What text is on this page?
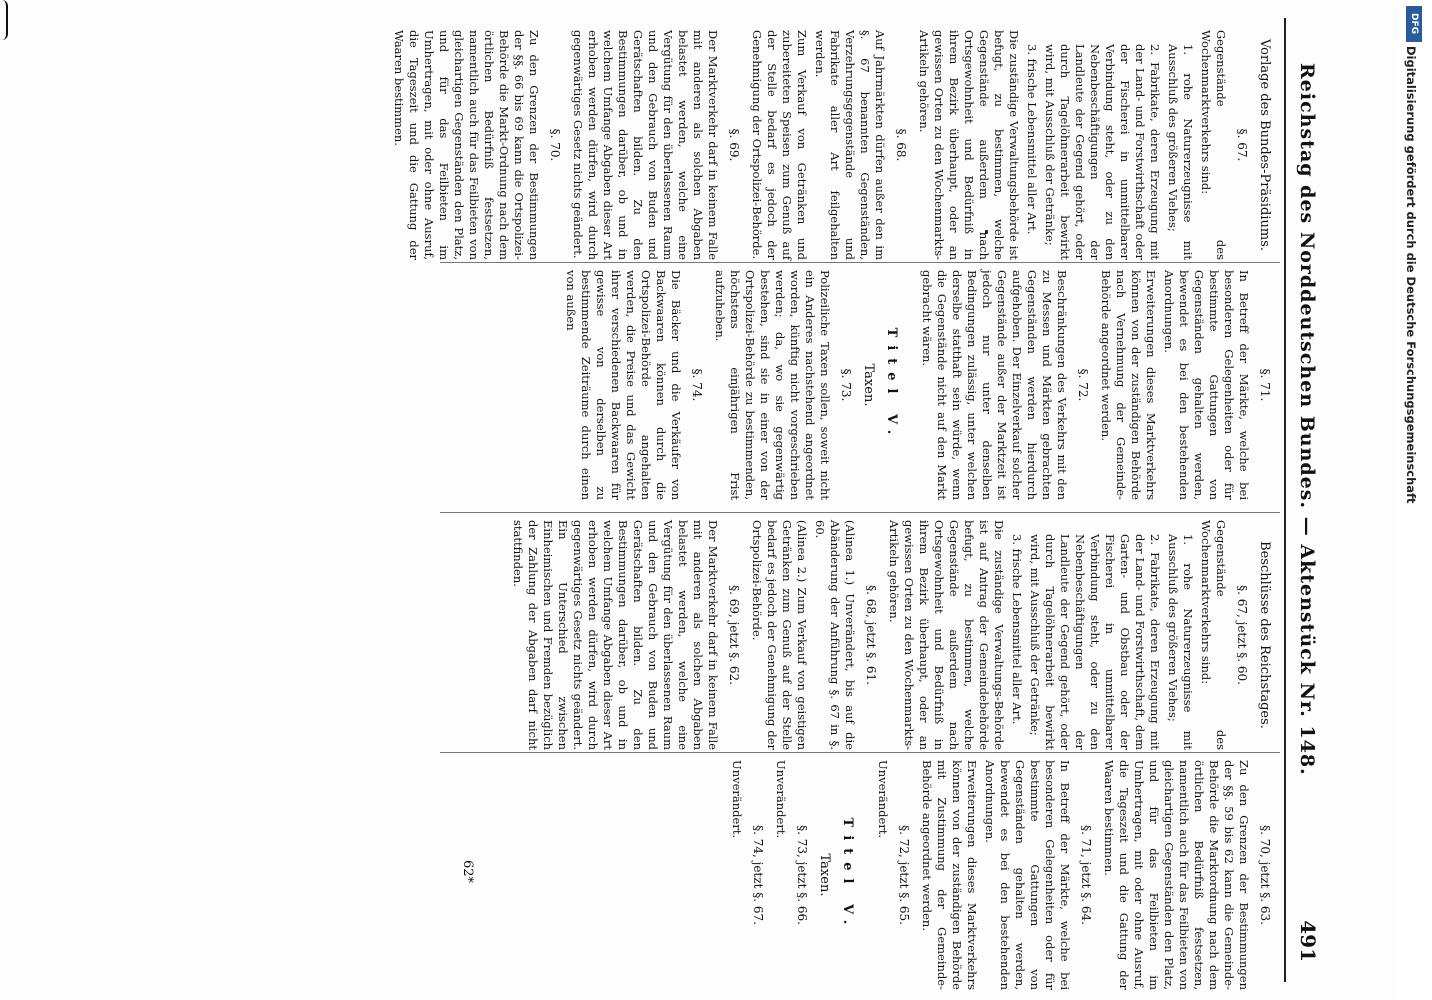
Reichstag des Norddeutschen Bundes. — Aktenstück Nr. 148.
491

Vorlage des Bundes-Präsidiums.

§. 67.

Gegenstände des Wochenmarktverkehrs sind:

1. rohe Naturerzeugnisse mit Ausschluß des größeren Viehes;

2. Fabrikate, deren Erzeugung mit der Land- und Forstwirthschaft oder der Fischerei in unmittelbarer Verbindung steht, oder zu den Nebenbeschäftigungen der Landleute der Gegend gehört, oder durch Tagelöhnerarbeit bewirkt wird, mit Ausschluß der Getränke;

3. frische Lebensmittel aller Art.

Die zuständige Verwaltungsbehörde ist befugt, zu bestimmen, welche Gegenstände außerdem nach Ortsgewohnheit und Bedürfniß in ihrem Bezirk überhaupt, oder an gewissen Orten zu den Wochenmarkts-Artikeln gehören.

§. 68.

Auf Jahrmärkten dürfen außer den im §. 67 benannten Gegenständen, Verzehrungsgegenstände und Fabrikate aller Art feilgehalten werden.

Zum Verkauf von Getränken und zubereiteten Speisen zum Genuß auf der Stelle bedarf es jedoch der Genehmigung der Ortspolizei-Behörde.

§. 69.

Der Marktverkehr darf in keinem Falle mit anderen als solchen Abgaben belastet werden, welche eine Vergütung für den überlassenen Raum und den Gebrauch von Buden und Gerätschaften bilden. Zu den Bestimmungen darüber, ob und in welchem Umfange Abgaben dieser Art erhoben werden dürfen, wird durch gegenwärtiges Gesetz nichts geändert.

§. 70.

Zu den Grenzen der Bestimmungen der §§. 66 bis 69 kann die Ortspolizei-Behörde die Markt-Ordnung nach dem örtlichen Bedürfniß festsetzen, namentlich auch für das Feilbieten von gleichartigen Gegenständen den Platz, und für das Feilbieten im Umhertragen, mit oder ohne Ausruf, die Tageszeit und die Gattung der Waaren bestimmen.

§. 71.

In Betreff der Märkte, welche bei besonderen Gelegenheiten oder für bestimmte Gattungen von Gegenständen gehalten werden, bewendet es bei den bestehenden Anordnungen.

Erweiterungen dieses Marktverkehrs können von der zuständigen Behörde nach Vernehmung der Gemeinde-Behörde angeordnet werden.

§. 72.

Beschränkungen des Verkehrs mit den zu Messen und Märkten gebrachten Gegenständen werden hierdurch aufgehoben. Der Einzelverkauf solcher Gegenstände außer der Marktzeit ist jedoch nur unter denselben Bedingungen zulässig, unter welchen derselbe statthaft sein würde, wenn die Gegenstände nicht auf den Markt gebracht wären.

Titel V.

Taxen.

§. 73.

Polizeiliche Taxen sollen, soweit nicht ein Anderes nachstehend angeordnet worden, künftig nicht vorgeschrieben werden; da, wo sie gegenwärtig bestehen, sind sie in einer von der Ortspolizei-Behörde zu bestimmenden, höchstens einjährigen Frist aufzuheben.

§. 74.

Die Bäcker und die Verkäufer von Backwaaren können durch die Ortspolizei-Behörde angehalten werden, die Preise und das Gewicht ihrer verschiedenen Backwaaren für gewisse von derselben zu bestimmende Zeiträume durch einen von außen

Beschlüsse des Reichstages.

§. 67, jetzt §. 60.

Gegenstände des Wochenmarktverkehrs sind:

1. rohe Naturerzeugnisse mit Ausschluß des größeren Viehes;

2. Fabrikate, deren Erzeugung mit der Land- und Forstwirthschaft, dem Garten- und Obstbau oder der Fischerei in unmittelbarer Verbindung steht, oder zu den Nebenbeschäftigungen der Landleute der Gegend gehört, oder durch Tagelöhnerarbeit bewirkt wird, mit Ausschluß der Getränke;

3. frische Lebensmittel aller Art.

Die zuständige Verwaltungs-Behörde ist auf Antrag der Gemeindebehörde befugt, zu bestimmen, welche Gegenstände außerdem nach Ortsgewohnheit und Bedürfniß in ihrem Bezirk überhaupt, oder an gewissen Orten zu den Wochenmarkts-Artikeln gehören.

§. 68, jetzt §. 61.

(Alinea 1.) Unverändert, bis auf die Abänderung der Anführung §. 67 in §. 60.

(Alinea 2.) Zum Verkauf von geistigen Getränken zum Genuß auf der Stelle bedarf es jedoch der Genehmigung der Ortspolizei-Behörde.

§. 69, jetzt §. 62.

Der Marktverkehr darf in keinem Falle mit anderen als solchen Abgaben belastet werden, welche eine Vergütung für den überlassenen Raum und den Gebrauch von Buden und Gerätschaften bilden. Zu den Bestimmungen darüber, ob und in welchem Umfange Abgaben dieser Art erhoben werden dürfen, wird durch gegenwärtiges Gesetz nichts geändert. Ein Unterschied zwischen Einheimischen und Fremden bezüglich der Zahlung der Abgaben darf nicht stattfinden.

§. 70, jetzt §. 63.

Zu den Grenzen der Bestimmungen der §§. 59 bis 62 kann die Gemeinde-Behörde die Marktordnung nach dem örtlichen Bedürfniß festsetzen, namentlich auch für das Feilbieten von gleichartigen Gegenständen den Platz, und für das Feilbieten im Umhertragen, mit oder ohne Ausruf, die Tageszeit und die Gattung der Waaren bestimmen.

§. 71, jetzt §. 64.

In Betreff der Märkte, welche bei besonderen Gelegenheiten oder für bestimmte Gattungen von Gegenständen gehalten werden, bewendet es bei den bestehenden Anordnungen.

Erweiterungen dieses Marktverkehrs können von der zuständigen Behörde mit Zustimmung der Gemeinde-Behörde angeordnet werden.

§. 72, jetzt §. 65.

Unverändert.

Titel V.

Taxen.

§. 73, jetzt §. 66.

Unverändert.

§. 74, jetzt §. 67.

Unverändert.

62*
DFG
Digitalisierung gefördert durch die Deutsche Forschungsgemeinschaft
